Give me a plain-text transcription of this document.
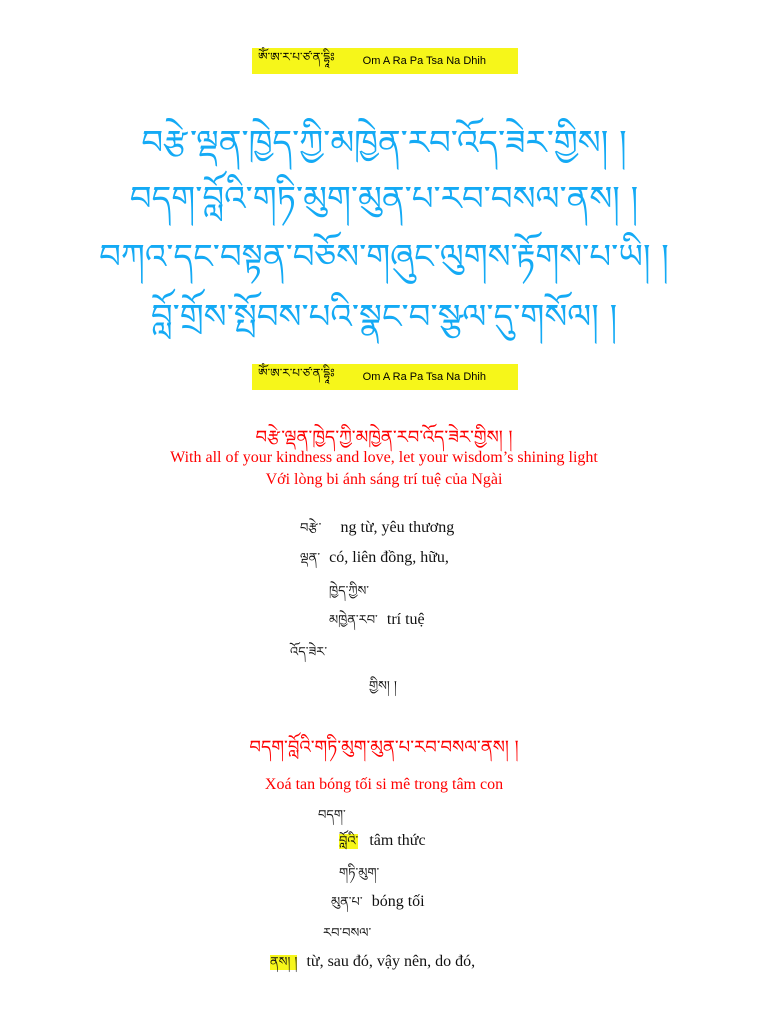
ཨོཾ་ཨ་ར་པ་ཙ་ན་དྷཱིཿ	Om A Ra Pa Tsa Na Dhih
བརྩེ་ལྡན་ཁྱེད་ཀྱི་མཁྱེན་རབ་འོད་ཟེར་གྱིས། །
བདག་བློའི་གཏི་མུག་མུན་པ་རབ་བསལ་ནས། །
བཀའ་དང་བསྟན་བཅོས་གཞུང་ལུགས་རྟོགས་པ་ཡི། །
བློ་གྲོས་སྤོབས་པའི་སྣང་བ་སྩལ་དུ་གསོལ། །
ཨོཾ་ཨ་ར་པ་ཙ་ན་དྷཱིཿ	Om A Ra Pa Tsa Na Dhih
བརྩེ་ལྡན་ཁྱེད་ཀྱི་མཁྱེན་རབ་འོད་ཟེར་གྱིས། །
With all of your kindness and love, let your wisdom’s shining light
Với lòng bi ánh sáng trí tuệ của Ngài
བརྩེ་ ng từ, yêu thương
ལྡན་ có, liên đồng, hữu,
ཁྱེད་ཀྱིས་
མཁྱེན་རབ་ trí tuệ
འོད་ཟེར་
གྱིས། །
བདག་བློའི་གཏི་མུག་མུན་པ་རབ་བསལ་ནས། །
Xoá tan bóng tối si mê trong tâm con
བདག་
བློའི་ tâm thức
གཏི་མུག་
མུན་པ་ bóng tối
རབ་བསལ་
ནས། ། từ, sau đó, vậy nên, do đó,
